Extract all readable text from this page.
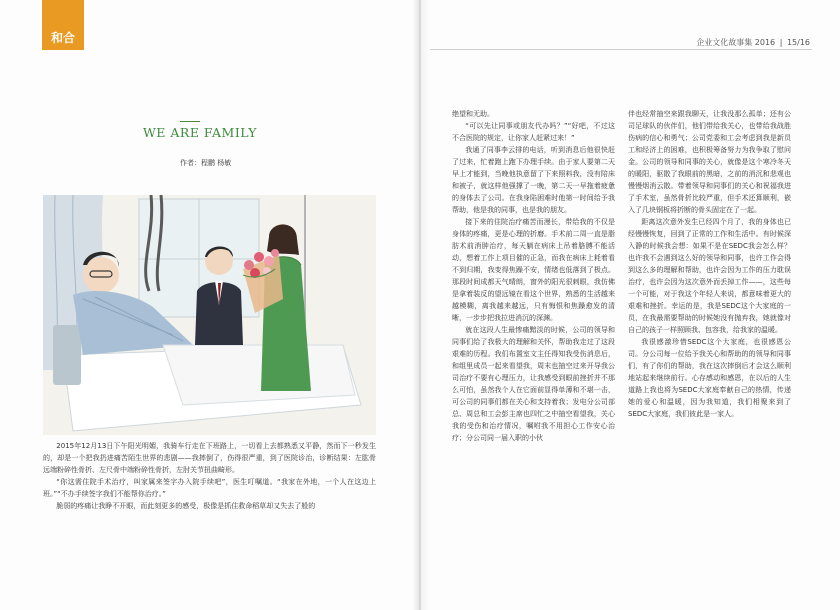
和合	企业文化故事集 2016 | 15/16
WE ARE FAMILY
作者：程鹏 杨敏

2015年12月13日下午阳光明媚，我骑车行走在下班路上，一切看上去都熟悉又平静，然而下一秒发生的，却是一个把我扔进痛苦陌生世界的悲剧——我摔倒了，伤得很严重，到了医院诊治，诊断结果：左肱骨远端粉碎性骨折、左尺骨中端粉碎性骨折，左肘关节扭曲畸形。

“你这需住院手术治疗，叫家属来签字办入院手续吧”，医生叮嘱道。“我家在外地，一个人在这边上班。”“不办手续签字我们不能帮你治疗。”

脆弱的疼痛让我睁不开眼，而此刻更多的感受，极像是抓住救命稻草却又失去了般的

绝望和无助。

“可以先让同事或朋友代办吗？”“好吧，不过这不合医院的规定，让你家人赶紧过来！”

我通了同事李云排的电话，听到消息后他很快赶了过来，忙着跑上跑下办理手续。由于家人要第二天早上才能到，当晚他执意留了下来照料我，没有陪床和被子，就这样他强撑了一晚，第二天一早拖着疲惫的身体去了公司。在我身陷困难时他第一时间给予我帮助，他是我的同事，也是我的朋友。

接下来的住院治疗痛苦而漫长，带给我的不仅是身体的疼痛，更是心理的折磨。手术前二周一直是脂肪术前消肿治疗，每天躺在病床上吊着胳膊不能活动，想着工作上项目催的正急，而我在病床上耗着看不到归期，我变得焦躁不安，情绪也低落到了极点。那段时间成都天气晴朗，窗外的阳光很刺眼，我仿佛是拿着装反的望远镜在看这个世界，熟悉的生活越来越模糊，离我越来越远，只有悔恨和焦躁愈发的清晰，一步步把我拉进消沉的深渊。

就在这段人生最惨痛黯淡的时候，公司的领导和同事们给了我极大的理解和关怀，帮助我走过了这段艰难的历程。我们布置室文主任得知我受伤消息后，和组里成员一起来看望我，周末也抽空过来开导我公司治疗不要有心理压力，让我感受到眼前挫折并不那么可怕，虽然我个人在它面前显得单薄和不堪一击，可公司的同事们都在关心和支持着我；发电分公司部总、周总和工会彭主席也四忙之中抽空看望我，关心我的受伤和治疗情况，嘱咐我不用担心工作安心治疗；分公司同一届入职的小伙

伴也经常抽空来跟我聊天，让我没那么孤单；还有公司足球队的伙伴们，他们带给我关心，也带给我战胜伤病的信心和勇气；公司党委和工会考虑到我是新员工和经济上的困难，也积极筹备努力为我争取了慰问金。公司的领导和同事的关心，就像是这个寒冷冬天的暖阳，驱散了我眼前的黑暗，之前的消沉和悲观也慢慢烟消云散。带着领导和同事们的关心和祝福我进了手术室，虽然骨折比较严重，但手术还算顺利，嵌入了几块钢板将折断的骨头固定在了一起。

距离这次意外发生已经四个月了，我的身体也已经慢慢恢复，回到了正常的工作和生活中。有时候深入静的时候我会想：如果不是在SEDC我会怎么样？也许我不会遇到这么好的领导和同事，也许工作会得到这么多的理解和帮助，也许会因为工作的压力耽误治疗，也许会因为这次意外而丢掉工作——，这些每一个可能，对于我这个年轻人来说，都意味着更大的艰难和挫折。幸运的是，我是SEDC这个大家庭的一员，在我最需要帮助的时候她没有抛弃我，她就像对自己的孩子一样照顾我、包容我，给我家的温暖。

我很感激珍惜SEDC这个大家庭，也很感恩公司。分公司每一位给予我关心和帮助的的领导和同事们，有了你们的帮助，我在这次摔倒后才会这么顺利地站起来继续前行。心存感动和感恩，在以后的人生道路上我也将为SEDC大家庭奉献自己的热情，传递她的爱心和温暖，因为我知道，我们相聚来到了SEDC大家庭，我们彼此是一家人。
